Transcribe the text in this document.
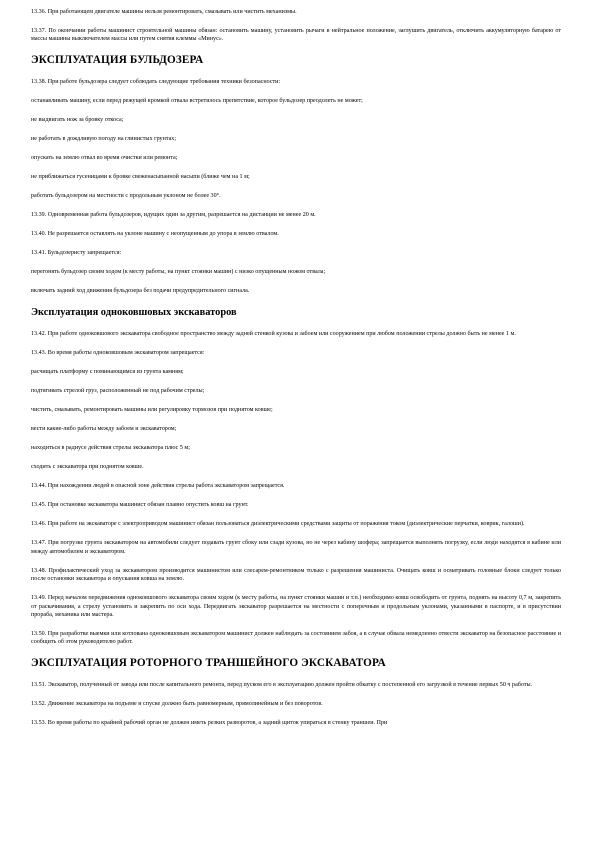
13.36. При работающем двигателе машины нельзя ремонтировать, смазывать или чистить механизмы.

13.37. По окончании работы машинист строительной машины обязан: остановить машину, установить рычаги в нейтральное положение, заглушить двигатель, отключить аккумуляторную батарею от массы машины выключателем массы или путем снятия клеммы «Минус».

ЭКСПЛУАТАЦИЯ БУЛЬДОЗЕРА

13.38. При работе бульдозера следует соблюдать следующие требования техники безопасности:

останавливать машину, если перед режущей кромкой отвала встретилось препятствие, которое бульдозер преодолеть не может;

не выдвигать нож за бровку откоса;

не работать в дождливую погоду на глинистых грунтах;

опускать на землю отвал во время очистки или ремонта;

не приближаться гусеницами к бровке свеженасыпанной насыпи (ближе чем на 1 м;

работать бульдозером на местности с продольным уклоном не более 30°.

13.39. Одновременная работа бульдозеров, идущих один за другим, разрешается на дистанции не менее 20 м.

13.40. Не разрешается оставлять на уклоне машину с неопущенным до упора в землю отвалом.

13.41. Бульдозеристу запрещается:

перегонять бульдозер своим ходом (к месту работы, на пункт стоянки машин) с низко опущенным ножом отвала;

включать задний ход движения бульдозера без подачи предупредительного сигнала.

Эксплуатация одноковшовых экскаваторов

13.42. При работе одноковшового экскаватора свободное пространство между задней стенкой кузова и забоем или сооружением при любом положении стрелы должно быть не менее 1 м.

13.43. Во время работы одноковшовым экскаватором запрещается:

расчищать платформу с поминающимся из грунта камням;

подтягивать стрелой груз, расположенный не под рабочим стрелы;

чистить, смазывать, ремонтировать машины или регулировку тормозов при поднятом ковше;

вести какие-либо работы между забоем и экскаватором;

находиться в радиусе действия стрелы экскаватора плюс 5 м;

сходить с экскаватора при поднятом ковше.

13.44. При нахождении людей в опасной зоне действия стрелы работа экскаватором запрещается.

13.45. При остановке экскаватора машинист обязан плавно опустить ковш на грунт.

13.46. При работе на экскаваторе с электроприводом машинист обязан пользоваться диэлектрическими средствами защиты от поражения током (диэлектрические перчатки, коврик, галоши).

13.47. При погрузке грунта экскаватором на автомобили следует подавать грунт сбоку или сзади кузова, но не через кабину шофера; запрещается выполнять погрузку, если люди находятся в кабине или между автомобилем и экскаватором.

13.48. Профилактический уход за экскаватором производится машинистом или слесарем-ремонтником только с разрешения машиниста. Очищать ковш и осматривать головные блоки следует только после остановки экскаватора и опускания ковша на землю.

13.49. Перед началом передвижения одноковшового экскаватора своим ходом (к месту работы, на пункт стоянки машин и т.п.) необходимо ковш освободить от грунта, поднять на высоту 0,7 м, закрепить от раскачивания, а стрелу установить и закрепить по оси хода. Передвигать экскаватор разрешается на местности с поперечным и продольным уклонами, указанными в паспорте, и в присутствии прораба, механика или мастера.

13.50. При разработке выемки или котлована одноковшовым экскаватором машинист должен наблюдать за состоянием забоя, а в случае обвала немедленно отвести экскаватор на безопасное расстояние и сообщить об этом руководителю работ.

ЭКСПЛУАТАЦИЯ РОТОРНОГО ТРАНШЕЙНОГО ЭКСКАВАТОРА

13.51. Экскаватор, полученный от завода или после капитального ремонта, перед пуском его в эксплуатацию должен пройти обкатку с постепенной его загрузкой в течение первых 50 ч работы.

13.52. Движение экскаватора на подъеме и спуске должно быть равномерным, прямолинейным и без поворотов.

13.53. Во время работы по крайней рабочий орган не должен иметь резких разворотов, а задний щиток упираться в стенку траншеи. При
